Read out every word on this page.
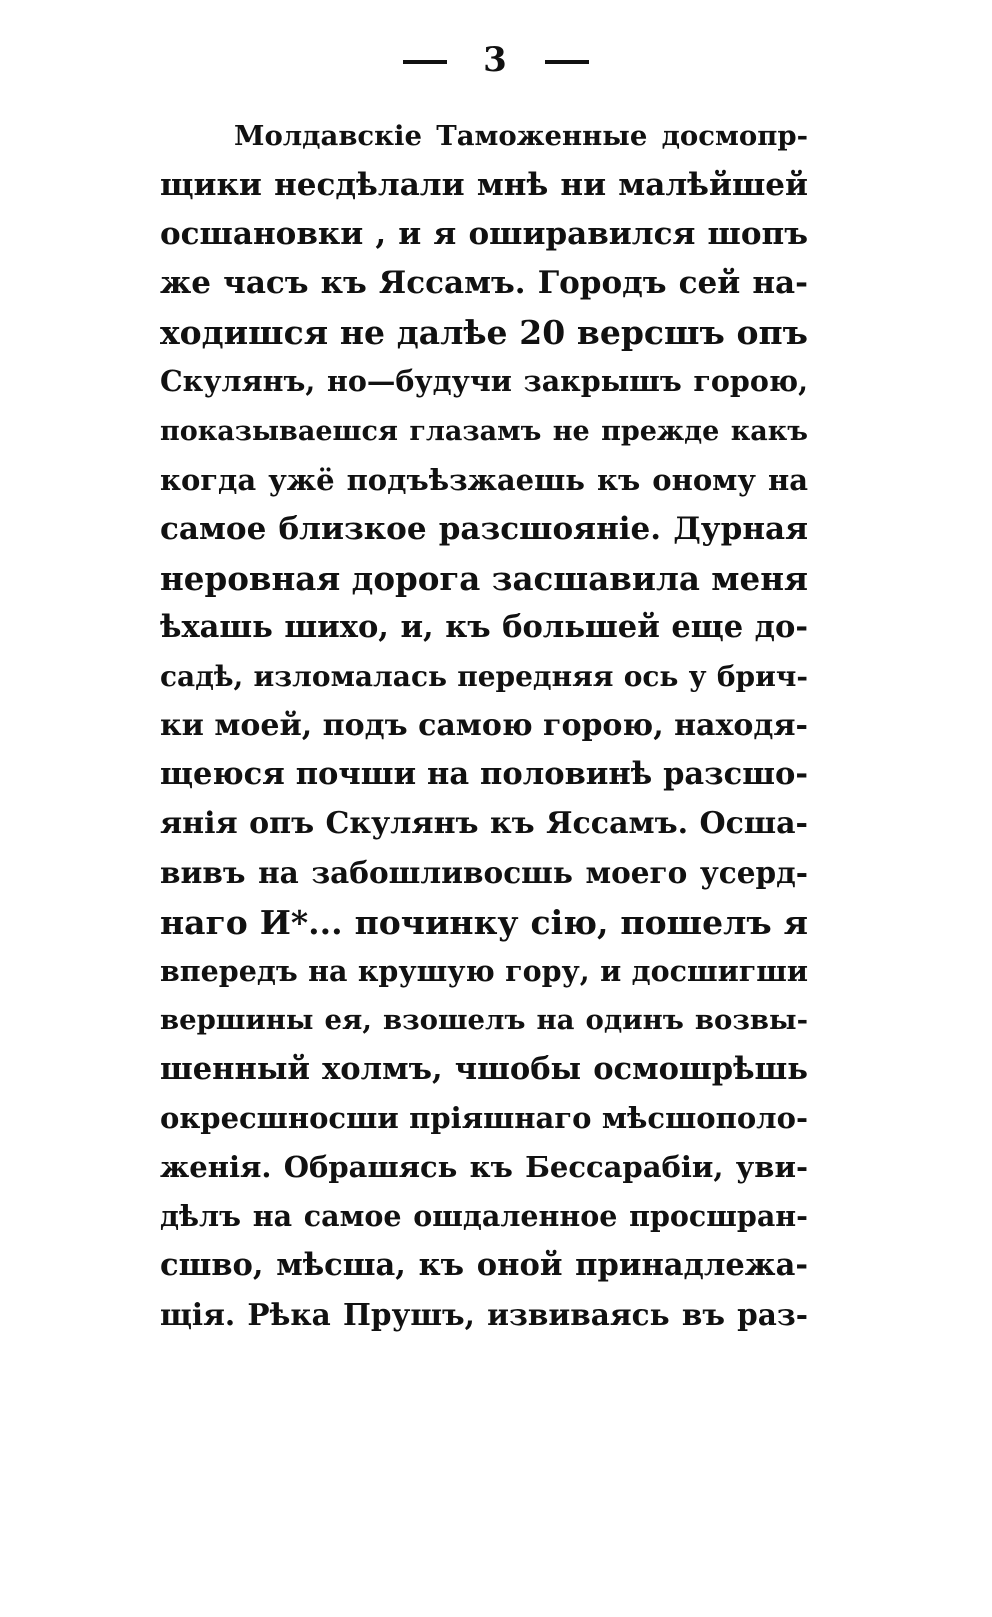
3
Молдавскіе Таможенные досмопр-
щики несдѣлали мнѣ ни малѣйшей
осшановки , и я оширавился шопъ
же часъ къ Яссамъ. Городъ сей на-
ходишся не далѣе 20 версшъ опъ
Скулянъ, но—будучи закрышъ горою,
показываешся глазамъ не прежде какъ
когда ужё подъѣзжаешь къ оному на
самое близкое разсшояніе. Дурная
неровная дорога засшавила меня
ѣхашь шихо, и, къ большей еще до-
садѣ, изломалась передняя ось у брич-
ки моей, подъ самою горою, находя-
щеюся почши на половинѣ разсшо-
янія опъ Скулянъ къ Яссамъ. Осша-
вивъ на забошливосшь моего усерд-
наго И*... починку сію, пошелъ я
впередъ на крушую гору, и досшигши
вершины ея, взошелъ на одинъ возвы-
шенный холмъ, чшобы осмошрѣшь
окресшносши пріяшнаго мѣсшополо-
женія. Обрашясь къ Бессарабіи, уви-
дѣлъ на самое ошдаленное просшран-
сшво, мѣсша, къ оной принадлежа-
щія. Рѣка Прушъ, извиваясь въ раз-
